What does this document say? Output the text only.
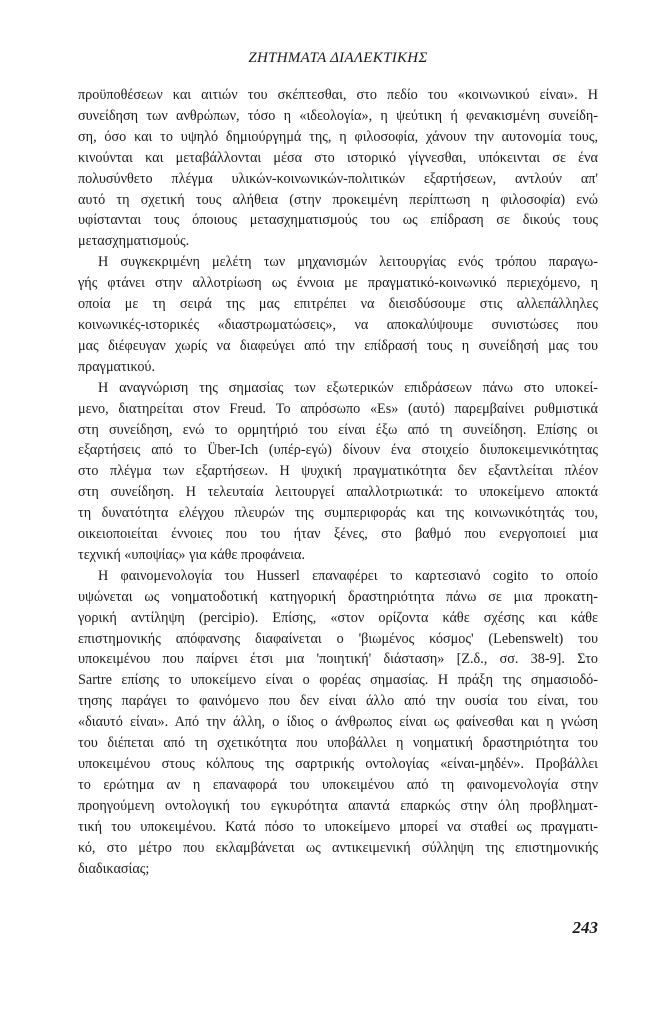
ΖΗΤΗΜΑΤΑ ΔΙΑΛΕΚΤΙΚΗΣ

προϋποθέσεων και αιτιών του σκέπτεσθαι, στο πεδίο του «κοινωνικού είναι». Η
συνείδηση των ανθρώπων, τόσο η «ιδεολογία», η ψεύτικη ή φενακισμένη συνείδη-
ση, όσο και το υψηλό δημιούργημά της, η φιλοσοφία, χάνουν την αυτονομία τους,
κινούνται και μεταβάλλονται μέσα στο ιστορικό γίγνεσθαι, υπόκεινται σε ένα
πολυσύνθετο πλέγμα υλικών-κοινωνικών-πολιτικών εξαρτήσεων, αντλούν απ'
αυτό τη σχετική τους αλήθεια (στην προκειμένη περίπτωση η φιλοσοφία) ενώ
υφίστανται τους όποιους μετασχηματισμούς του ως επίδραση σε δικούς τους
μετασχηματισμούς.

Η συγκεκριμένη μελέτη των μηχανισμών λειτουργίας ενός τρόπου παραγω-
γής φτάνει στην αλλοτρίωση ως έννοια με πραγματικό-κοινωνικό περιεχόμενο, η
οποία με τη σειρά της μας επιτρέπει να διεισδύσουμε στις αλλεπάλληλες
κοινωνικές-ιστορικές «διαστρωματώσεις», να αποκαλύψουμε συνιστώσες που
μας διέφευγαν χωρίς να διαφεύγει από την επίδρασή τους η συνείδησή μας του
πραγματικού.

Η αναγνώριση της σημασίας των εξωτερικών επιδράσεων πάνω στο υποκεί-
μενο, διατηρείται στον Freud. Το απρόσωπο «Es» (αυτό) παρεμβαίνει ρυθμιστικά
στη συνείδηση, ενώ το ορμητήριό του είναι έξω από τη συνείδηση. Επίσης οι
εξαρτήσεις από το Über-Ich (υπέρ-εγώ) δίνουν ένα στοιχείο διυποκειμενικότητας
στο πλέγμα των εξαρτήσεων. Η ψυχική πραγματικότητα δεν εξαντλείται πλέον
στη συνείδηση. Η τελευταία λειτουργεί απαλλοτριωτικά: το υποκείμενο αποκτά
τη δυνατότητα ελέγχου πλευρών της συμπεριφοράς και της κοινωνικότητάς του,
οικειοποιείται έννοιες που του ήταν ξένες, στο βαθμό που ενεργοποιεί μια
τεχνική «υποψίας» για κάθε προφάνεια.

Η φαινομενολογία του Husserl επαναφέρει το καρτεσιανό cogito το οποίο
υψώνεται ως νοηματοδοτική κατηγορική δραστηριότητα πάνω σε μια προκατη-
γορική αντίληψη (percipio). Επίσης, «στον ορίζοντα κάθε σχέσης και κάθε
επιστημονικής απόφανσης διαφαίνεται ο 'βιωμένος κόσμος' (Lebenswelt) του
υποκειμένου που παίρνει έτσι μια 'ποιητική' διάσταση» [Ζ.δ., σσ. 38-9]. Στο
Sartre επίσης το υποκείμενο είναι ο φορέας σημασίας. Η πράξη της σημασιοδό-
τησης παράγει το φαινόμενο που δεν είναι άλλο από την ουσία του είναι, του
«διαυτό είναι». Από την άλλη, ο ίδιος ο άνθρωπος είναι ως φαίνεσθαι και η γνώση
του διέπεται από τη σχετικότητα που υποβάλλει η νοηματική δραστηριότητα του
υποκειμένου στους κόλπους της σαρτρικής οντολογίας «είναι-μηδέν». Προβάλλει
το ερώτημα αν η επαναφορά του υποκειμένου από τη φαινομενολογία στην
προηγούμενη οντολογική του εγκυρότητα απαντά επαρκώς στην όλη προβληματ-
τική του υποκειμένου. Κατά πόσο το υποκείμενο μπορεί να σταθεί ως πραγματι-
κό, στο μέτρο που εκλαμβάνεται ως αντικειμενική σύλληψη της επιστημονικής
διαδικασίας;

243
